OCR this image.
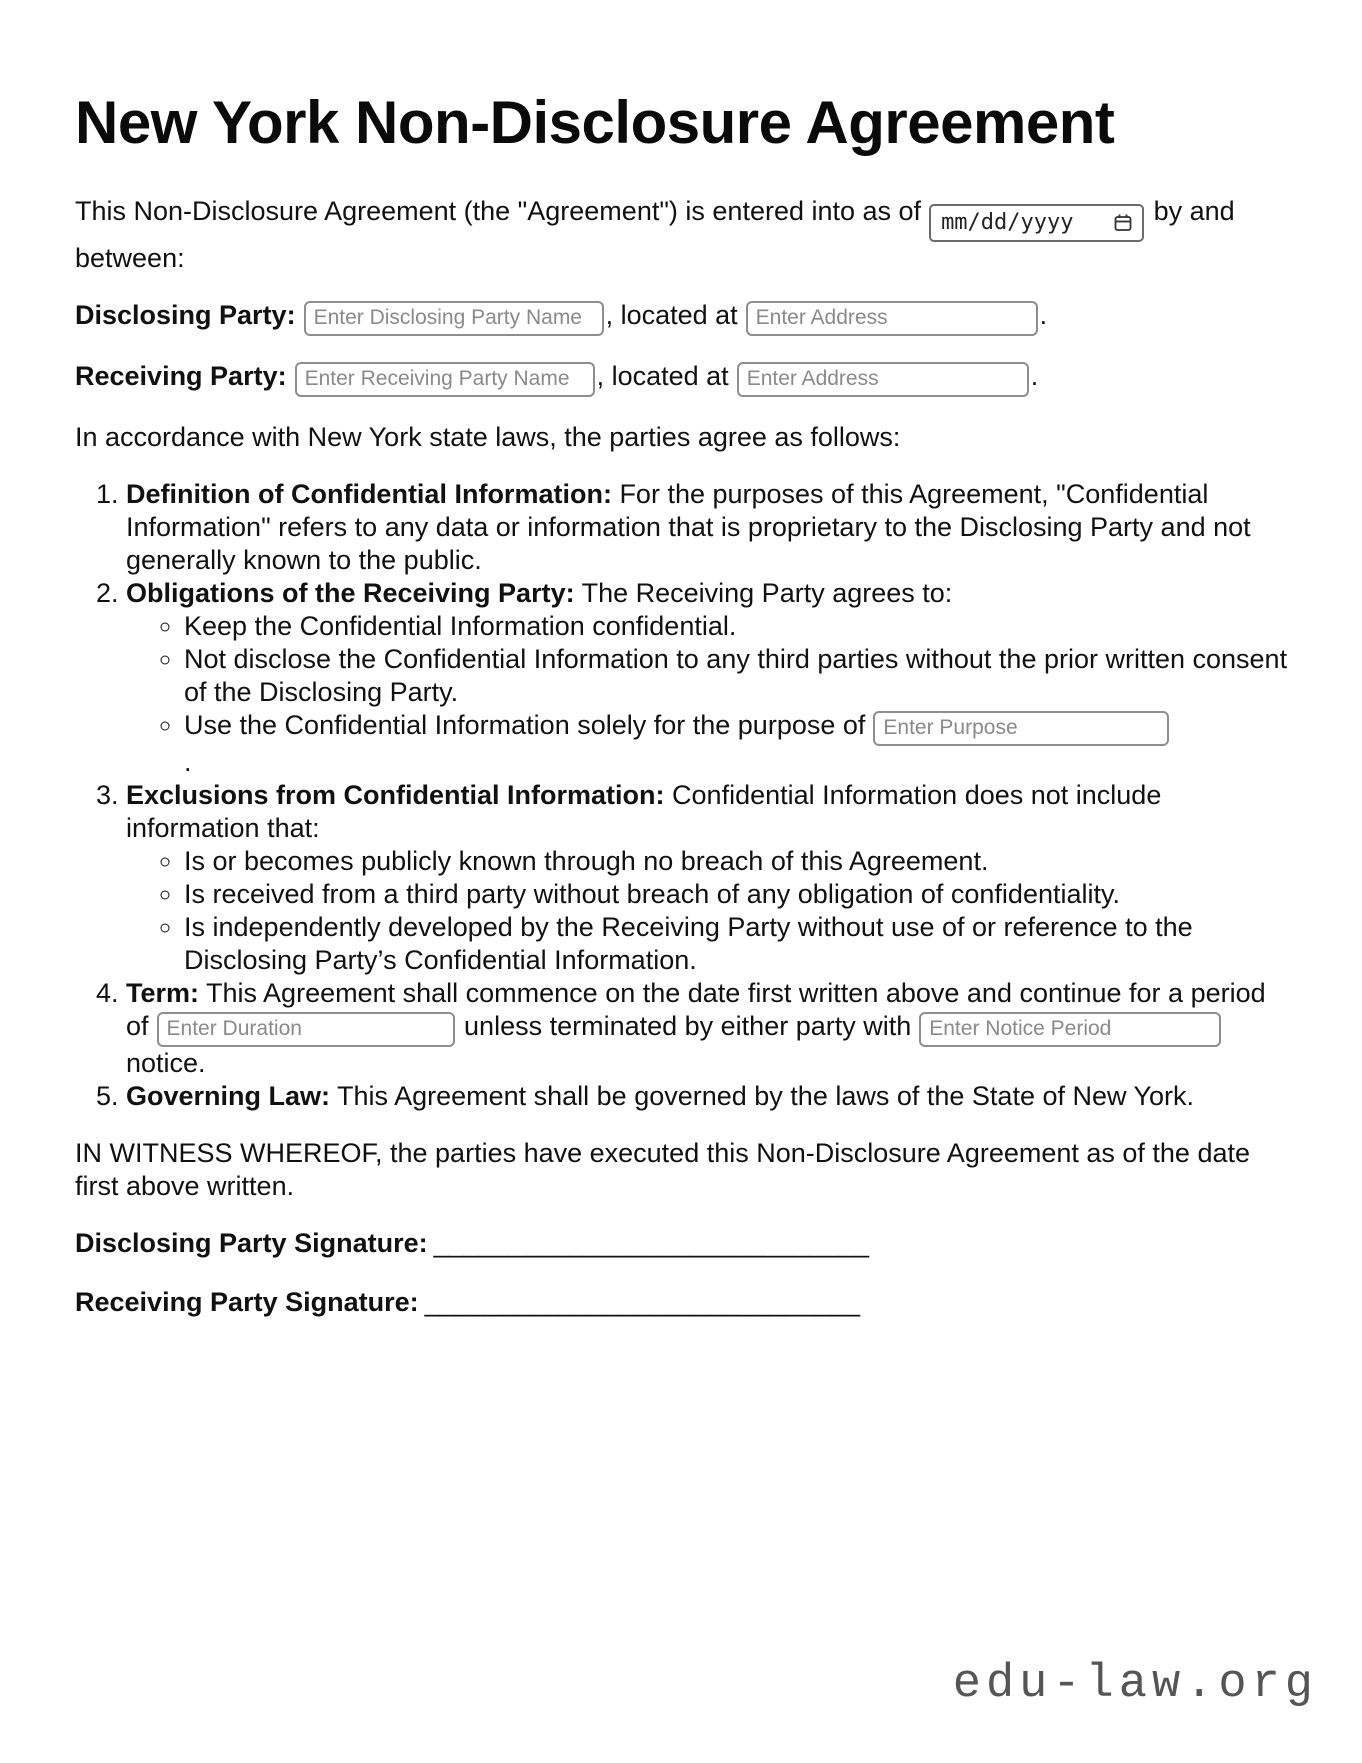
New York Non-Disclosure Agreement

This Non-Disclosure Agreement (the "Agreement") is entered into as of mm/dd/yyyy	by and between:

Disclosing Party:Enter Disclosing Party Name	, located atEnter Address	.

Receiving Party:Enter Receiving Party Name	, located atEnter Address	.

In accordance with New York state laws, the parties agree as follows:

1. Definition of Confidential Information: For the purposes of this Agreement, "Confidential Information" refers to any data or information that is proprietary to the Disclosing Party and not generally known to the public.
2. Obligations of the Receiving Party: The Receiving Party agrees to:
◦ Keep the Confidential Information confidential.
◦ Not disclose the Confidential Information to any third parties without the prior written consent of the Disclosing Party.
◦ Use the Confidential Information solely for the purpose ofEnter Purpose
.
3. Exclusions from Confidential Information: Confidential Information does not include information that:
◦ Is or becomes publicly known through no breach of this Agreement.
◦ Is received from a third party without breach of any obligation of confidentiality.
◦ Is independently developed by the Receiving Party without use of or reference to the Disclosing Party’s Confidential Information.
4. Term: This Agreement shall commence on the date first written above and continue for a period ofEnter Duration	unless terminated by either party withEnter Notice Period notice.
5. Governing Law: This Agreement shall be governed by the laws of the State of New York.

IN WITNESS WHEREOF, the parties have executed this Non-Disclosure Agreement as of the date first above written.

Disclosing Party Signature: _____________________________

Receiving Party Signature: _____________________________

edu-law.org
